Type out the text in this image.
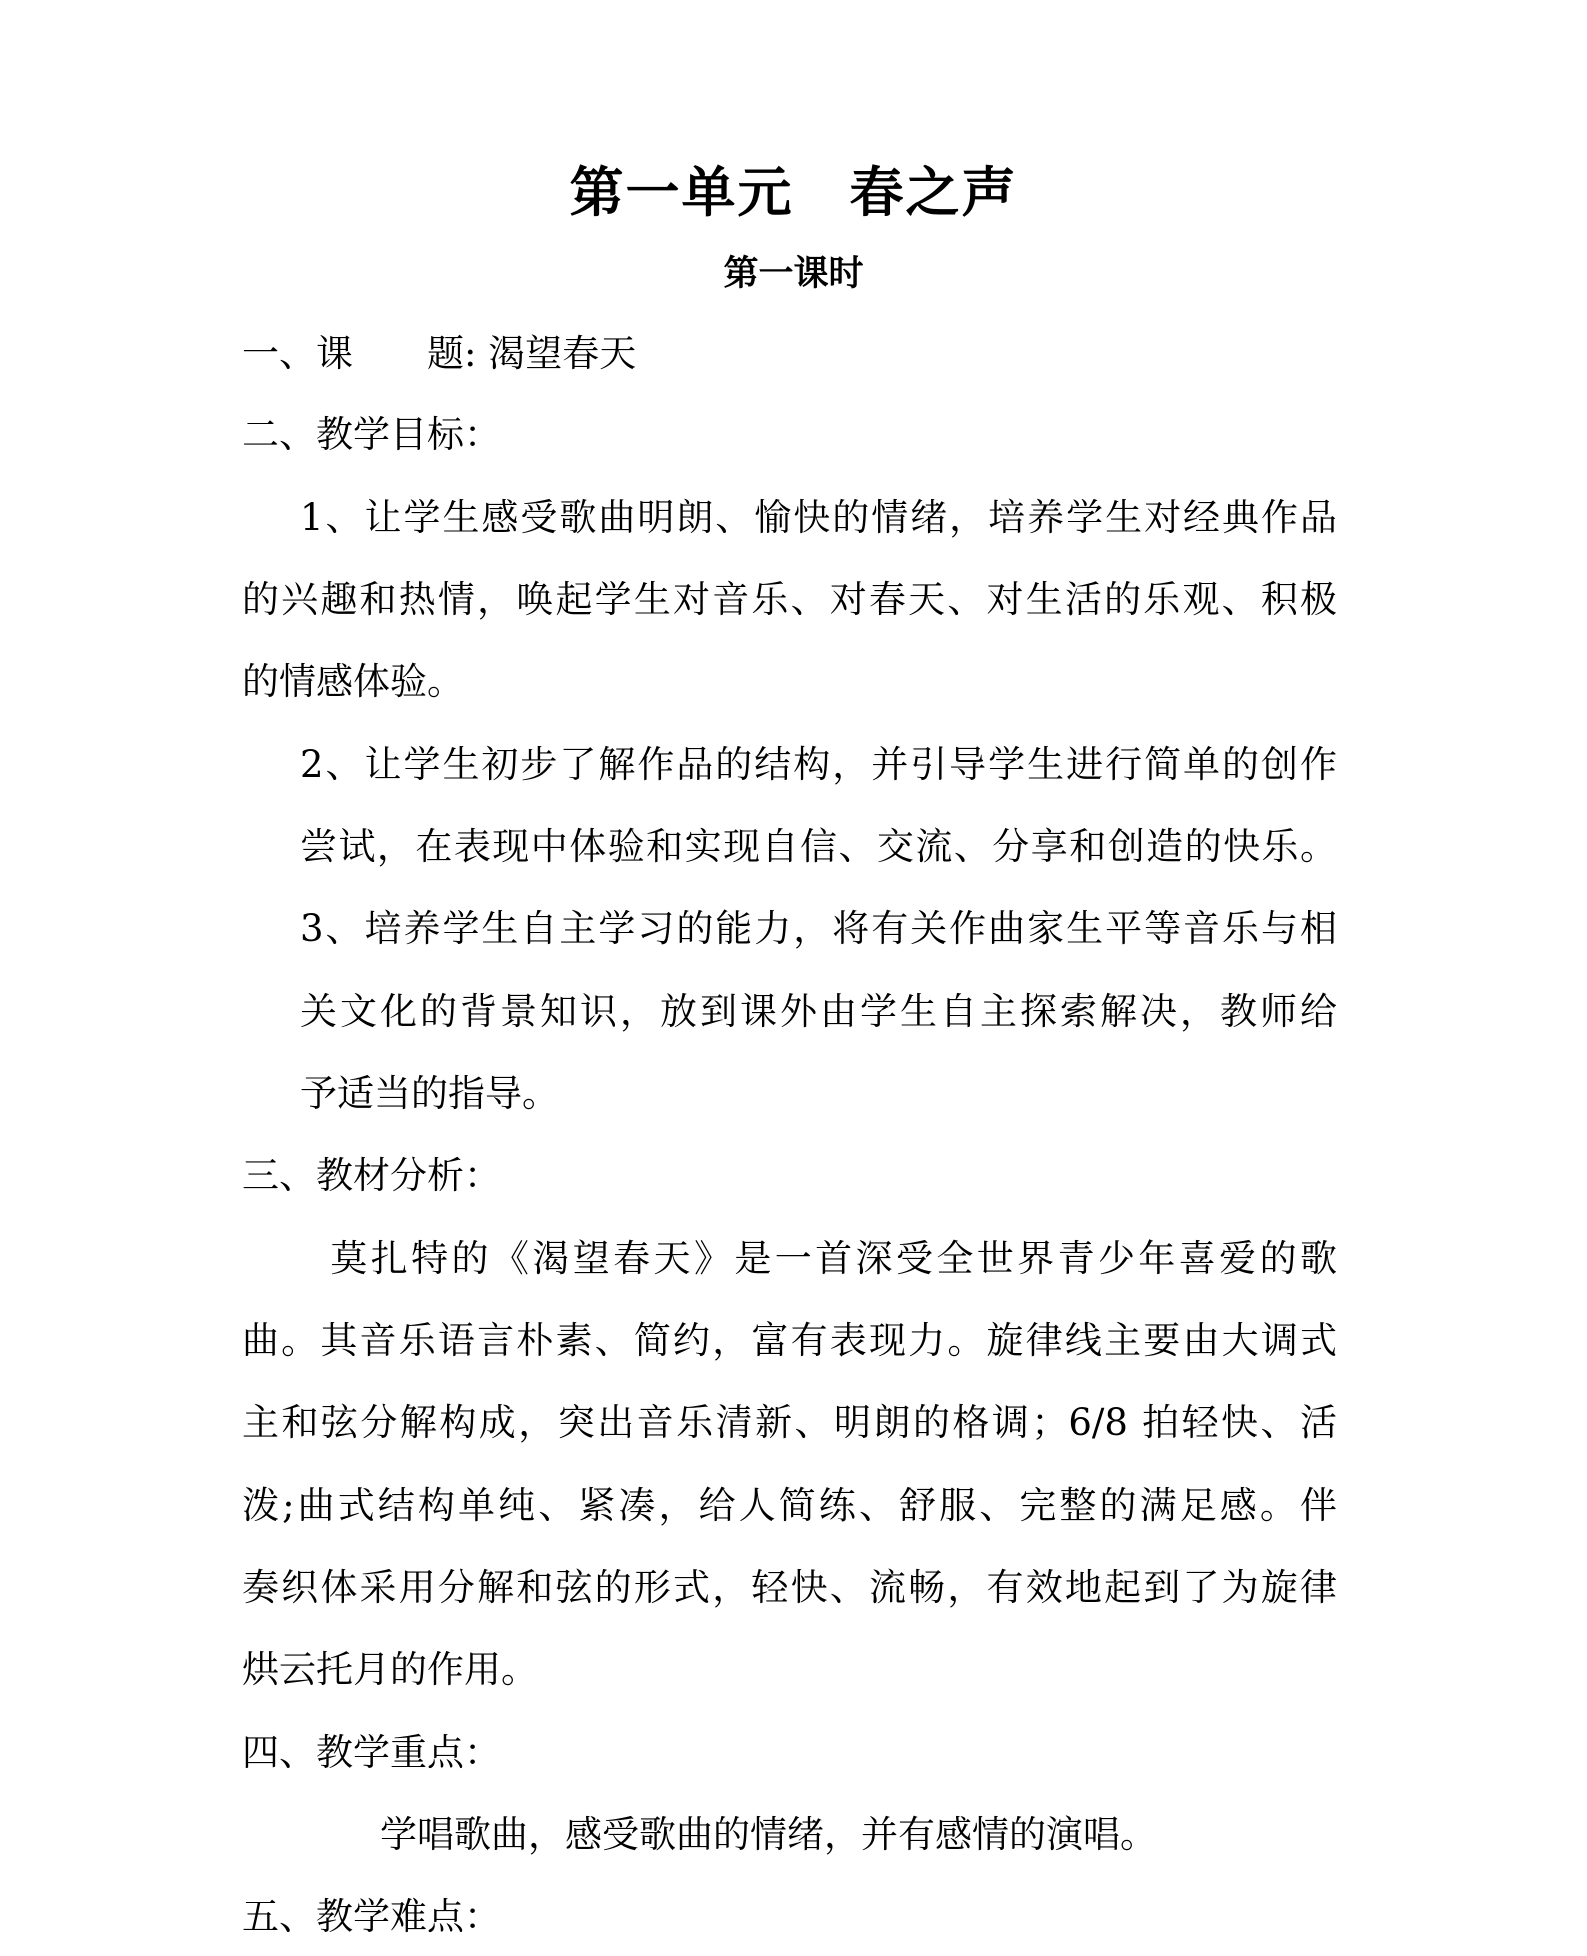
第一单元　春之声
第一课时
一、课　　题: 渴望春天
二、教学目标：
1、让学生感受歌曲明朗、愉快的情绪，培养学生对经典作品
的兴趣和热情，唤起学生对音乐、对春天、对生活的乐观、积极
的情感体验。
2、让学生初步了解作品的结构，并引导学生进行简单的创作
尝试，在表现中体验和实现自信、交流、分享和创造的快乐。
3、培养学生自主学习的能力，将有关作曲家生平等音乐与相
关文化的背景知识，放到课外由学生自主探索解决，教师给
予适当的指导。
三、教材分析：
莫扎特的《渴望春天》是一首深受全世界青少年喜爱的歌
曲。其音乐语言朴素、简约，富有表现力。旋律线主要由大调式
主和弦分解构成，突出音乐清新、明朗的格调；6/8 拍轻快、活
泼;曲式结构单纯、紧凑，给人简练、舒服、完整的满足感。伴
奏织体采用分解和弦的形式，轻快、流畅，有效地起到了为旋律
烘云托月的作用。
四、教学重点：
学唱歌曲，感受歌曲的情绪，并有感情的演唱。
五、教学难点：
